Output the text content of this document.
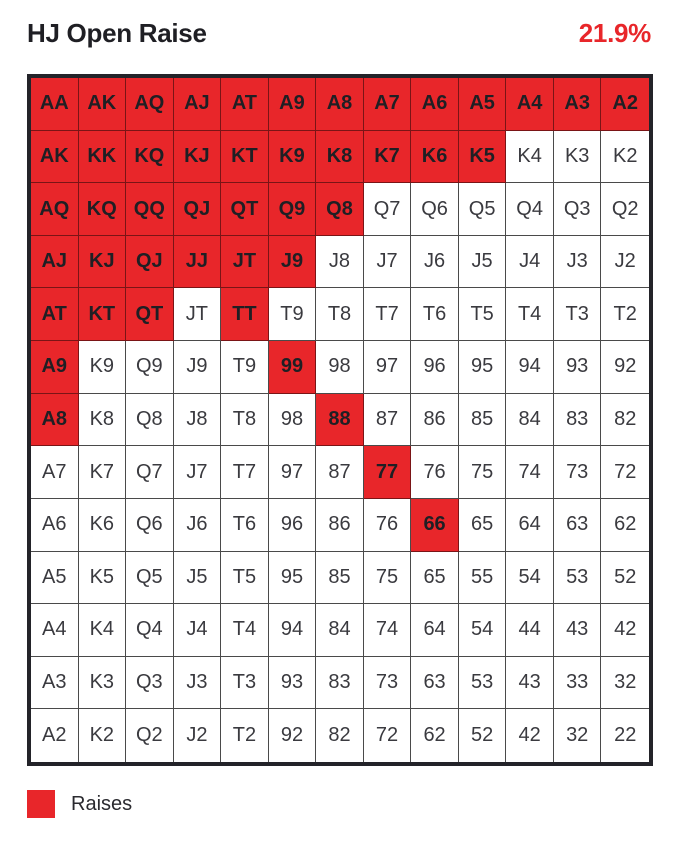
HJ Open Raise	21.9%
AA AK AQ AJ	AT	A9	A8	A7	A6	A5	A4	A3	A2
AK KK KQ KJ	KT	K9	K8	K7	K6	K5	K4	K3	K2
AQ KQ QQ QJ	QT	Q9	Q8	Q7	Q6	Q5	Q4	Q3	Q2
AJ	KJ	QJ	JJ	JT	J9	J8	J7	J6	J5	J4	J3	J2
AT	KT	QT	JT	TT	T9	T8	T7	T6	T5	T4	T3	T2
A9	K9	Q9	J9	T9	99	98	97	96	95	94	93	92
A8	K8	Q8	J8	T8	98	88	87	86	85	84	83	82
A7	K7	Q7	J7	T7	97	87	77	76	75	74	73	72
A6	K6	Q6	J6	T6	96	86	76	66	65	64	63	62
A5	K5	Q5	J5	T5	95	85	75	65	55	54	53	52
A4	K4	Q4	J4	T4	94	84	74	64	54	44	43	42
A3	K3	Q3	J3	T3	93	83	73	63	53	43	33	32
A2	K2	Q2	J2	T2	92	82	72	62	52	42	32	22
Raises
